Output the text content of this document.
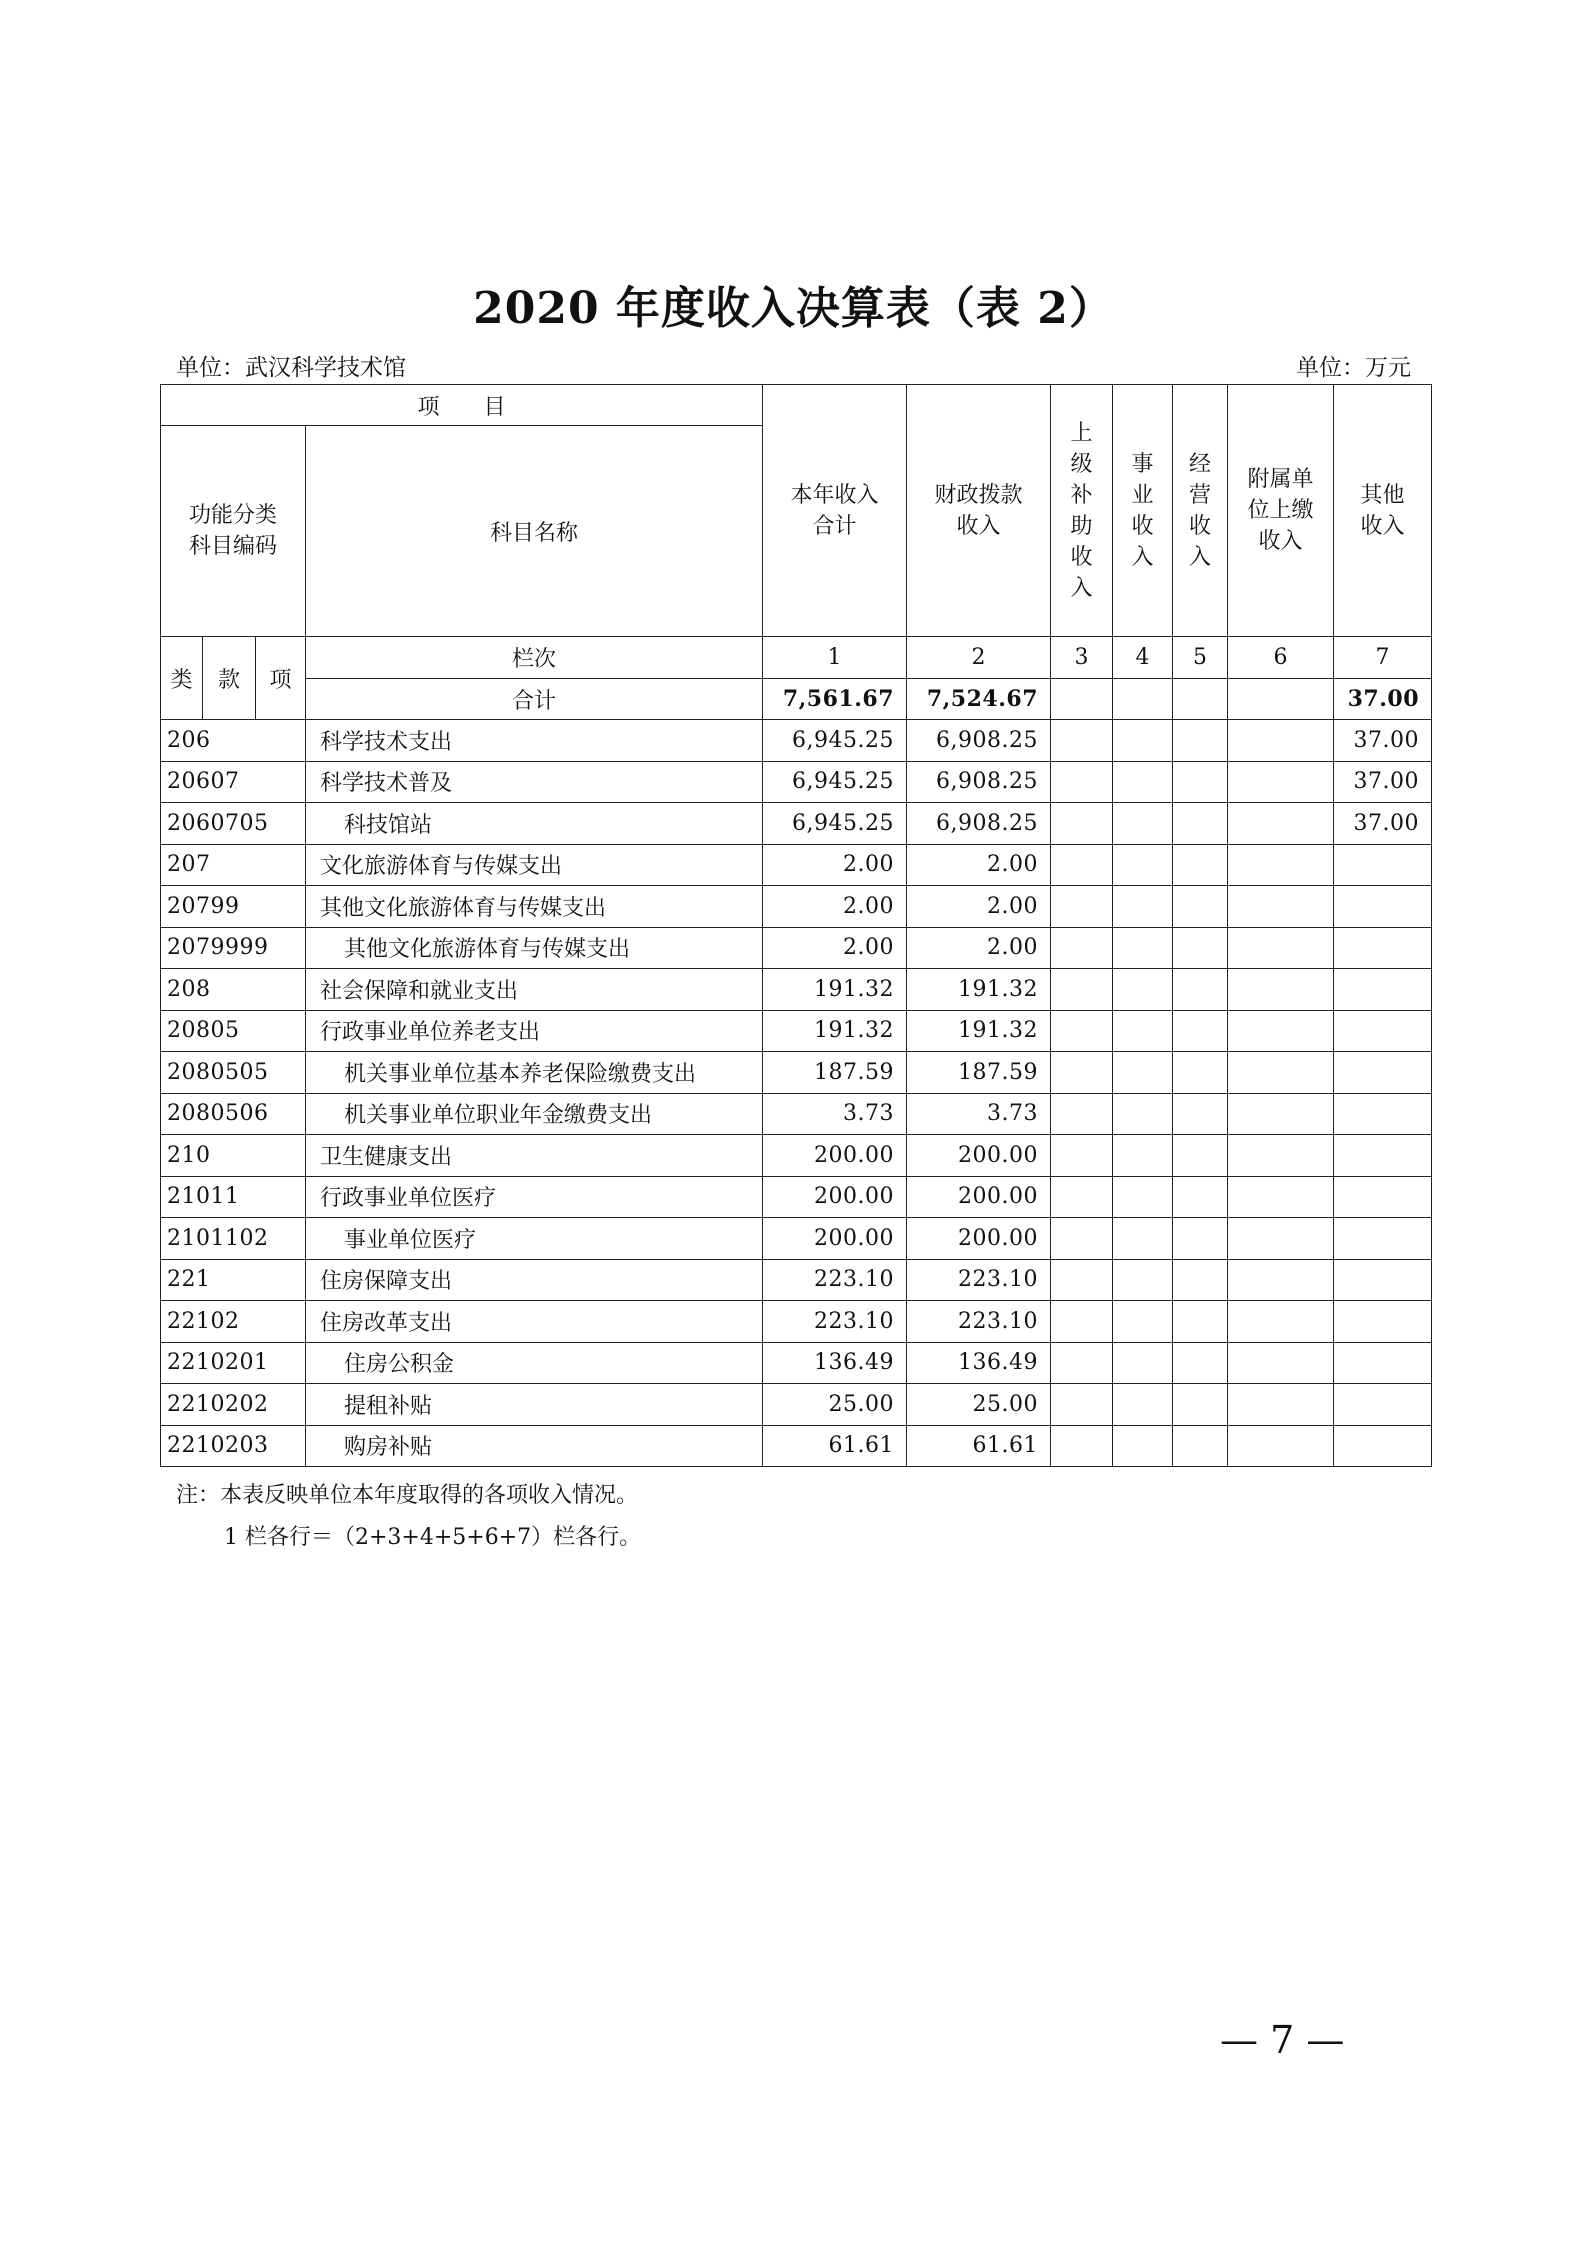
2020 年度收入决算表（表 2）
单位：武汉科学技术馆	单位：万元
项　　目				本年收入合计	财政拨款收入	上级补助收入	事业收入	经营收入	附属单位上缴收入	其他收入
功能分类科目编码			科目名称							

类	款	项	栏次	1	2	3	4	5	6	7
			合计	7,561.67	7,524.67					37.00
206			科学技术支出	6,945.25	6,908.25					37.00
20607			科学技术普及	6,945.25	6,908.25					37.00
2060705			科技馆站	6,945.25	6,908.25					37.00
207			文化旅游体育与传媒支出	2.00	2.00					
20799			其他文化旅游体育与传媒支出	2.00	2.00					
2079999			其他文化旅游体育与传媒支出	2.00	2.00					
208			社会保障和就业支出	191.32	191.32					
20805			行政事业单位养老支出	191.32	191.32					
2080505			机关事业单位基本养老保险缴费支出	187.59	187.59					
2080506			机关事业单位职业年金缴费支出	3.73	3.73					
210			卫生健康支出	200.00	200.00					
21011			行政事业单位医疗	200.00	200.00					
2101102			事业单位医疗	200.00	200.00					
221			住房保障支出	223.10	223.10					
22102			住房改革支出	223.10	223.10					
2210201			住房公积金	136.49	136.49					
2210202			提租补贴	25.00	25.00					
2210203			购房补贴	61.61	61.61					
注：本表反映单位本年度取得的各项收入情况。
1 栏各行＝（2+3+4+5+6+7）栏各行。
— 7 —
